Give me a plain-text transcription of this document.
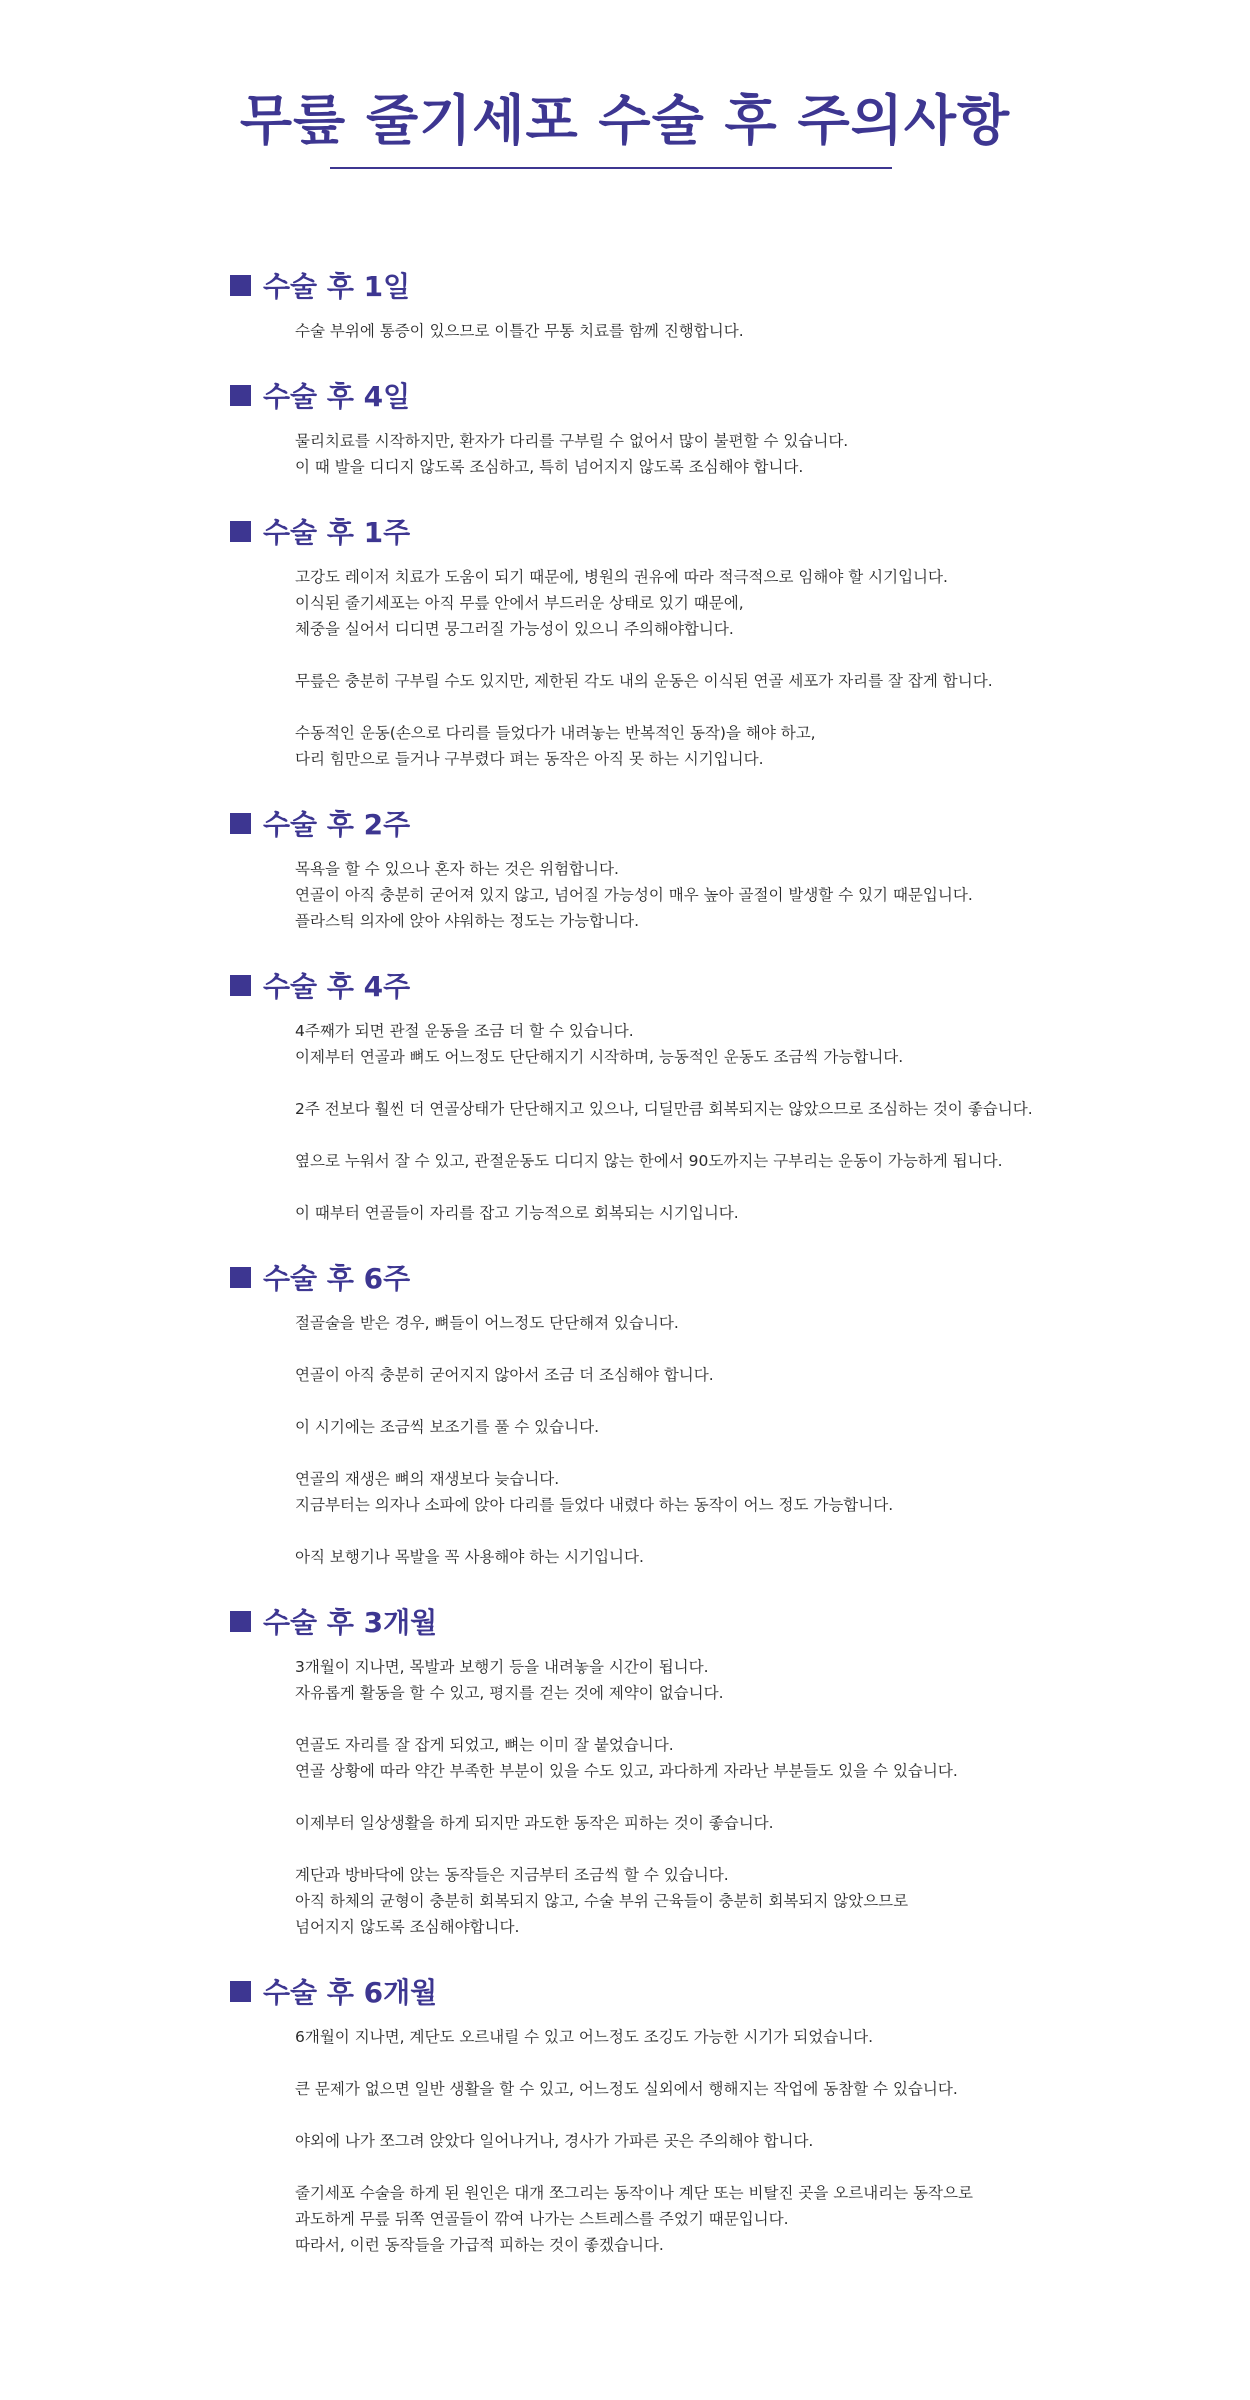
무릎 줄기세포 수술 후 주의사항
수술 후 1일
수술 부위에 통증이 있으므로 이틀간 무통 치료를 함께 진행합니다.
수술 후 4일
물리치료를 시작하지만, 환자가 다리를 구부릴 수 없어서 많이 불편할 수 있습니다.
이 때 발을 디디지 않도록 조심하고, 특히 넘어지지 않도록 조심해야 합니다.
수술 후 1주
고강도 레이저 치료가 도움이 되기 때문에, 병원의 권유에 따라 적극적으로 임해야 할 시기입니다.
이식된 줄기세포는 아직 무릎 안에서 부드러운 상태로 있기 때문에,
체중을 실어서 디디면 뭉그러질 가능성이 있으니 주의해야합니다.
무릎은 충분히 구부릴 수도 있지만, 제한된 각도 내의 운동은 이식된 연골 세포가 자리를 잘 잡게 합니다.
수동적인 운동(손으로 다리를 들었다가 내려놓는 반복적인 동작)을 해야 하고,
다리 힘만으로 들거나 구부렸다 펴는 동작은 아직 못 하는 시기입니다.
수술 후 2주
목욕을 할 수 있으나 혼자 하는 것은 위험합니다.
연골이 아직 충분히 굳어져 있지 않고, 넘어질 가능성이 매우 높아 골절이 발생할 수 있기 때문입니다.
플라스틱 의자에 앉아 샤워하는 정도는 가능합니다.
수술 후 4주
4주째가 되면 관절 운동을 조금 더 할 수 있습니다.
이제부터 연골과 뼈도 어느정도 단단해지기 시작하며, 능동적인 운동도 조금씩 가능합니다.
2주 전보다 훨씬 더 연골상태가 단단해지고 있으나, 디딜만큼 회복되지는 않았으므로 조심하는 것이 좋습니다.
옆으로 누워서 잘 수 있고, 관절운동도 디디지 않는 한에서 90도까지는 구부리는 운동이 가능하게 됩니다.
이 때부터 연골들이 자리를 잡고 기능적으로 회복되는 시기입니다.
수술 후 6주
절골술을 받은 경우, 뼈들이 어느정도 단단해져 있습니다.
연골이 아직 충분히 굳어지지 않아서 조금 더 조심해야 합니다.
이 시기에는 조금씩 보조기를 풀 수 있습니다.
연골의 재생은 뼈의 재생보다 늦습니다.
지금부터는 의자나 소파에 앉아 다리를 들었다 내렸다 하는 동작이 어느 정도 가능합니다.
아직 보행기나 목발을 꼭 사용해야 하는 시기입니다.
수술 후 3개월
3개월이 지나면, 목발과 보행기 등을 내려놓을 시간이 됩니다.
자유롭게 활동을 할 수 있고, 평지를 걷는 것에 제약이 없습니다.
연골도 자리를 잘 잡게 되었고, 뼈는 이미 잘 붙었습니다.
연골 상황에 따라 약간 부족한 부분이 있을 수도 있고, 과다하게 자라난 부분들도 있을 수 있습니다.
이제부터 일상생활을 하게 되지만 과도한 동작은 피하는 것이 좋습니다.
계단과 방바닥에 앉는 동작들은 지금부터 조금씩 할 수 있습니다.
아직 하체의 균형이 충분히 회복되지 않고, 수술 부위 근육들이 충분히 회복되지 않았으므로
넘어지지 않도록 조심해야합니다.
수술 후 6개월
6개월이 지나면, 계단도 오르내릴 수 있고 어느정도 조깅도 가능한 시기가 되었습니다.
큰 문제가 없으면 일반 생활을 할 수 있고, 어느정도 실외에서 행해지는 작업에 동참할 수 있습니다.
야외에 나가 쪼그려 앉았다 일어나거나, 경사가 가파른 곳은 주의해야 합니다.
줄기세포 수술을 하게 된 원인은 대개 쪼그리는 동작이나 계단 또는 비탈진 곳을 오르내리는 동작으로
과도하게 무릎 뒤쪽 연골들이 깎여 나가는 스트레스를 주었기 때문입니다.
따라서, 이런 동작들을 가급적 피하는 것이 좋겠습니다.
